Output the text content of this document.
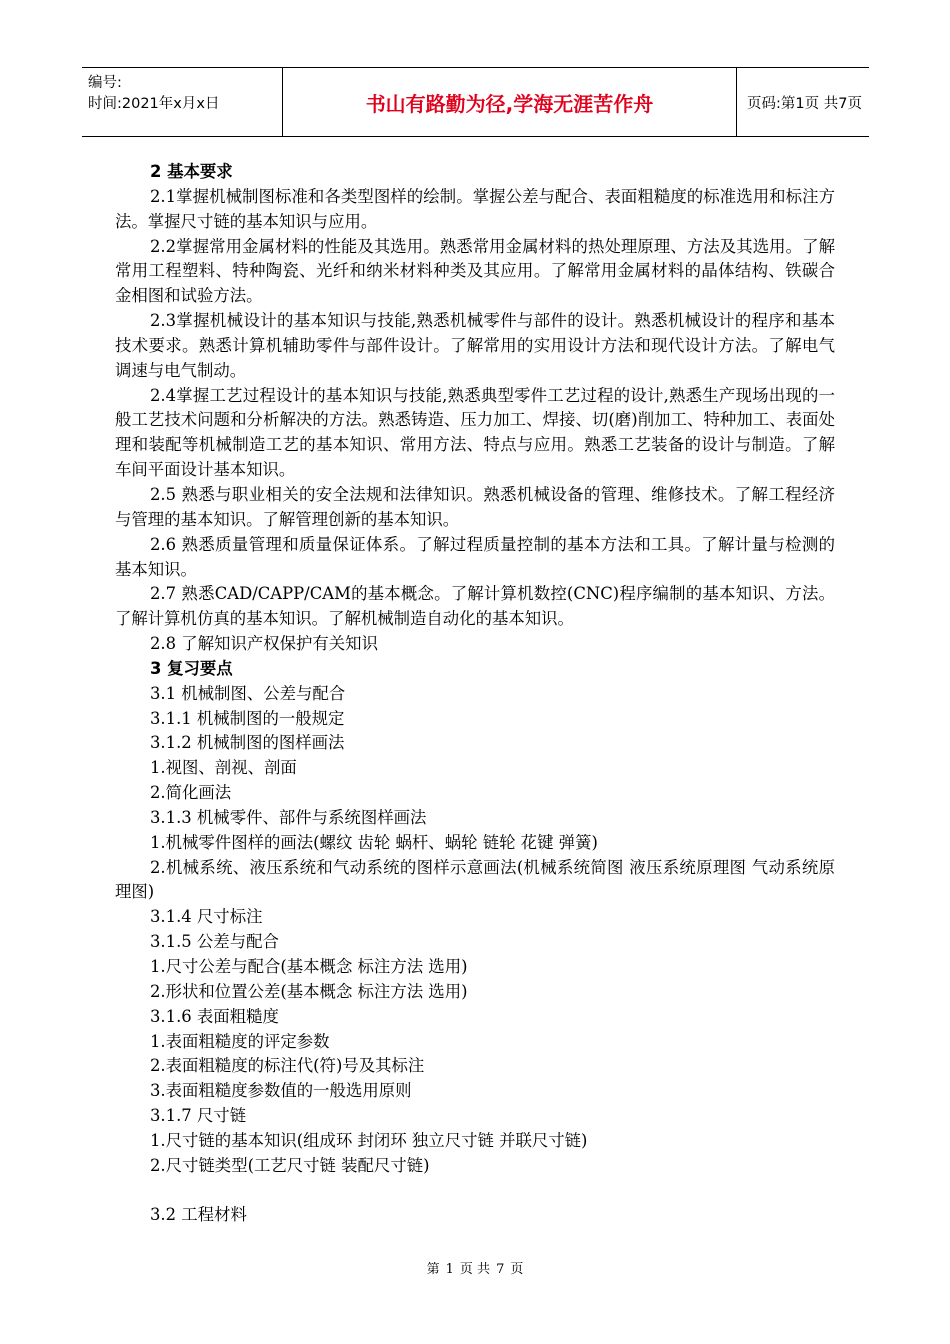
编号:
时间:2021年x月x日	书山有路勤为径,学海无涯苦作舟	页码:第1页 共7页

2 基本要求

2.1掌握机械制图标准和各类型图样的绘制。掌握公差与配合、表面粗糙度的标准选用和标注方法。掌握尺寸链的基本知识与应用。

2.2掌握常用金属材料的性能及其选用。熟悉常用金属材料的热处理原理、方法及其选用。了解常用工程塑料、特种陶瓷、光纤和纳米材料种类及其应用。了解常用金属材料的晶体结构、铁碳合金相图和试验方法。

2.3掌握机械设计的基本知识与技能,熟悉机械零件与部件的设计。熟悉机械设计的程序和基本技术要求。熟悉计算机辅助零件与部件设计。了解常用的实用设计方法和现代设计方法。了解电气调速与电气制动。

2.4掌握工艺过程设计的基本知识与技能,熟悉典型零件工艺过程的设计,熟悉生产现场出现的一般工艺技术问题和分析解决的方法。熟悉铸造、压力加工、焊接、切(磨)削加工、特种加工、表面处理和装配等机械制造工艺的基本知识、常用方法、特点与应用。熟悉工艺装备的设计与制造。了解车间平面设计基本知识。

2.5 熟悉与职业相关的安全法规和法律知识。熟悉机械设备的管理、维修技术。了解工程经济与管理的基本知识。了解管理创新的基本知识。

2.6 熟悉质量管理和质量保证体系。了解过程质量控制的基本方法和工具。了解计量与检测的基本知识。

2.7 熟悉CAD/CAPP/CAM的基本概念。了解计算机数控(CNC)程序编制的基本知识、方法。了解计算机仿真的基本知识。了解机械制造自动化的基本知识。

2.8 了解知识产权保护有关知识

3 复习要点

3.1 机械制图、公差与配合

3.1.1 机械制图的一般规定

3.1.2 机械制图的图样画法

1.视图、剖视、剖面

2.简化画法

3.1.3 机械零件、部件与系统图样画法

1.机械零件图样的画法(螺纹 齿轮 蜗杆、蜗轮 链轮 花键 弹簧)

2.机械系统、液压系统和气动系统的图样示意画法(机械系统简图 液压系统原理图 气动系统原理图)

3.1.4 尺寸标注

3.1.5 公差与配合

1.尺寸公差与配合(基本概念 标注方法 选用)

2.形状和位置公差(基本概念 标注方法 选用)

3.1.6 表面粗糙度

1.表面粗糙度的评定参数

2.表面粗糙度的标注代(符)号及其标注

3.表面粗糙度参数值的一般选用原则

3.1.7 尺寸链

1.尺寸链的基本知识(组成环 封闭环 独立尺寸链 并联尺寸链)

2.尺寸链类型(工艺尺寸链 装配尺寸链)

3.2 工程材料

第 1 页 共 7 页
